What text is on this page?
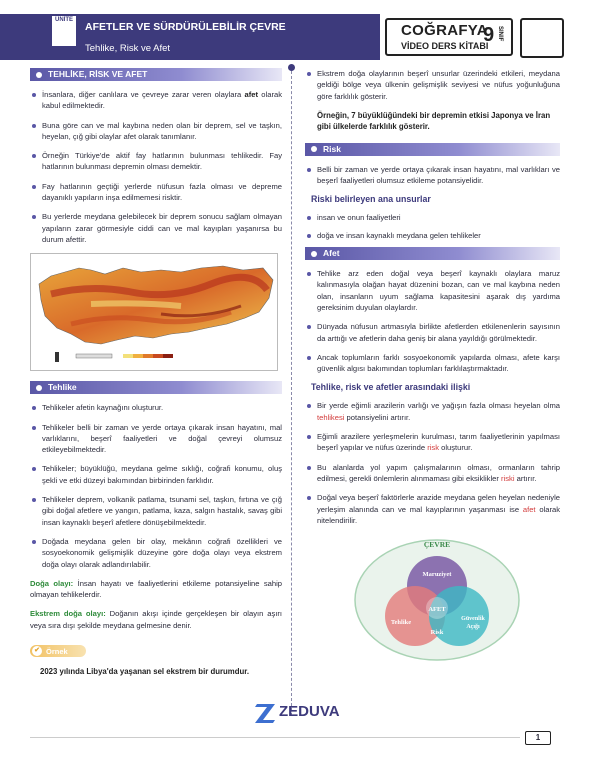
ÜNİTE
AFETLER VE SÜRDÜRÜLEBİLİR ÇEVRE
Tehlike, Risk ve Afet
COĞRAFYA
VİDEO DERS KİTABI
9 SINIF
TEHLİKE, RİSK VE AFET
İnsanlara, diğer canlılara ve çevreye zarar veren olaylara afet olarak kabul edilmektedir.
Buna göre can ve mal kaybına neden olan bir deprem, sel ve taşkın, heyelan, çığ gibi olaylar afet olarak tanımlanır.
Örneğin Türkiye'de aktif fay hatlarının bulunması tehlikedir. Fay hatlarının bulunması depremin olması demektir.
Fay hatlarının geçtiği yerlerde nüfusun fazla olması ve depreme dayanıklı yapıların inşa edilmemesi risktir.
Bu yerlerde meydana gelebilecek bir deprem sonucu sağlam olmayan yapıların zarar görmesiyle ciddi can ve mal kayıpları yaşanırsa bu durum afettir.
Tehlike
Tehlikeler afetin kaynağını oluşturur.
Tehlikeler belli bir zaman ve yerde ortaya çıkarak insan hayatını, mal varlıklarını, beşerî faaliyetleri ve doğal çevreyi olumsuz etkileyebilmektedir.
Tehlikeler; büyüklüğü, meydana gelme sıklığı, coğrafi konumu, oluş şekli ve etki düzeyi bakımından birbirinden farklıdır.
Tehlikeler deprem, volkanik patlama, tsunami sel, taşkın, fırtına ve çığ gibi doğal afetlere ve yangın, patlama, kaza, salgın hastalık, savaş gibi insan kaynaklı beşerî afetlere dönüşebilmektedir.
Doğada meydana gelen bir olay, mekânın coğrafi özellikleri ve sosyoekonomik gelişmişlik düzeyine göre doğa olayı veya ekstrem doğa olayı olarak adlandırılabilir.

Doğa olayı: İnsan hayatı ve faaliyetlerini etkileme potansiyeline sahip olmayan tehlikelerdir.

Ekstrem doğa olayı: Doğanın akışı içinde gerçekleşen bir olayın aşırı veya sıra dışı şekilde meydana gelmesine denir.

✔ Örnek
2023 yılında Libya'da yaşanan sel ekstrem bir durumdur.
Ekstrem doğa olaylarının beşerî unsurlar üzerindeki etkileri, meydana geldiği bölge veya ülkenin gelişmişlik seviyesi ve nüfus yoğunluğuna göre farklılık gösterir.

Örneğin, 7 büyüklüğündeki bir depremin etkisi Japonya ve İran gibi ülkelerde farklılık gösterir.

Risk
Belli bir zaman ve yerde ortaya çıkarak insan hayatını, mal varlıkları ve beşerî faaliyetleri olumsuz etkileme potansiyelidir.
Riski belirleyen ana unsurlar
insan ve onun faaliyetleri
doğa ve insan kaynaklı meydana gelen tehlikeler
Afet
Tehlike arz eden doğal veya beşerî kaynaklı olaylara maruz kalınmasıyla olağan hayat düzenini bozan, can ve mal kaybına neden olan, insanların uyum sağlama kapasitesini aşarak dış yardıma gereksinim duyulan olaylardır.
Dünyada nüfusun artmasıyla birlikte afetlerden etkilenenlerin sayısının da arttığı ve afetlerin daha geniş bir alana yayıldığı görülmektedir.
Ancak toplumların farklı sosyoekonomik yapılarda olması, afete karşı güvenlik algısı bakımından toplumları farklılaştırmaktadır.
Tehlike, risk ve afetler arasındaki ilişki
Bir yerde eğimli arazilerin varlığı ve yağışın fazla olması heyelan olma tehlikesi potansiyelini artırır.
Eğimli arazilere yerleşmelerin kurulması, tarım faaliyetlerinin yapılması beşerî yapılar ve nüfus üzerinde risk oluşturur.
Bu alanlarda yol yapım çalışmalarının olması, ormanların tahrip edilmesi, gerekli önlemlerin alınmaması gibi eksiklikler riski artırır.
Doğal veya beşerî faktörlerle arazide meydana gelen heyelan nedeniyle yerleşim alanında can ve mal kayıplarının yaşanması ise afet olarak nitelendirilir.
ÇEVRE
Maruziyet
Tehlike	Güvenlik
Açığı
AFET
Risk
ZEDUVA
1
